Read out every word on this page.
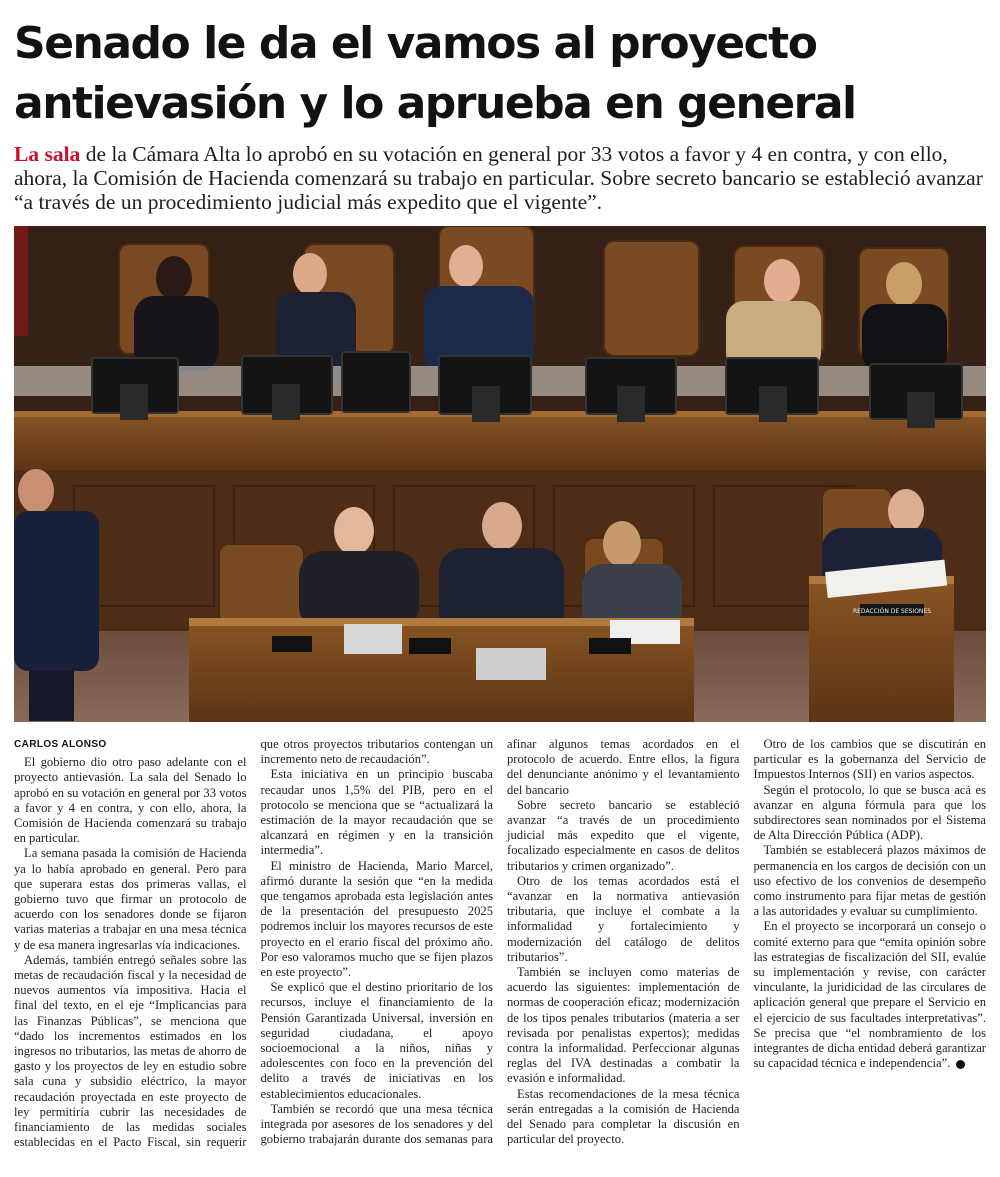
Senado le da el vamos al proyecto
antievasión y lo aprueba en general
La sala de la Cámara Alta lo aprobó en su votación en general por 33 votos a favor y 4 en contra, y con ello, ahora, la Comisión de Hacienda comenzará su trabajo en particular. Sobre secreto bancario se estableció avanzar “a través de un procedimiento judicial más expedito que el vigente”.
REDACCIÓN DE SESIONES
CARLOS ALONSO

El gobierno dio otro paso adelante con el proyecto antievasión. La sala del Senado lo aprobó en su votación en general por 33 votos a favor y 4 en contra, y con ello, ahora, la Comisión de Hacienda comenzará su trabajo en particular.

La semana pasada la comisión de Hacienda ya lo había aprobado en general. Pero para que superara estas dos primeras vallas, el gobierno tuvo que firmar un protocolo de acuerdo con los senadores donde se fijaron varias materias a trabajar en una mesa técnica y de esa manera ingresarlas vía indicaciones.

Además, también entregó señales sobre las metas de recaudación fiscal y la necesidad de nuevos aumentos vía impositiva. Hacia el final del texto, en el eje “Implicancias para las Finanzas Públicas”, se menciona que “dado los incrementos estimados en los ingresos no tributarios, las metas de ahorro de gasto y los proyectos de ley en estudio sobre sala cuna y subsidio eléctrico, la mayor recaudación proyectada en este proyecto de ley permitiría cubrir las necesidades de financiamiento de las medidas sociales establecidas en el Pacto Fiscal, sin requerir que otros proyectos tributarios contengan un incremento neto de recaudación”.

Esta iniciativa en un principio buscaba recaudar unos 1,5% del PIB, pero en el protocolo se menciona que se “actualizará la estimación de la mayor recaudación que se alcanzará en régimen y en la transición intermedia”.

El ministro de Hacienda, Mario Marcel, afirmó durante la sesión que “en la medida que tengamos aprobada esta legislación antes de la presentación del presupuesto 2025 podremos incluir los mayores recursos de este proyecto en el erario fiscal del próximo año. Por eso valoramos mucho que se fijen plazos en este proyecto”.

Se explicó que el destino prioritario de los recursos, incluye el financiamiento de la Pensión Garantizada Universal, inversión en seguridad ciudadana, el apoyo socioemocional a la niños, niñas y adolescentes con foco en la prevención del delito a través de iniciativas en los establecimientos educacionales.

También se recordó que una mesa técnica integrada por asesores de los senadores y del gobierno trabajarán durante dos semanas para afinar algunos temas acordados en el protocolo de acuerdo. Entre ellos, la figura del denunciante anónimo y el levantamiento del bancario

Sobre secreto bancario se estableció avanzar “a través de un procedimiento judicial más expedito que el vigente, focalizado especialmente en casos de delitos tributarios y crimen organizado”.

Otro de los temas acordados está el “avanzar en la normativa antievasión tributaria, que incluye el combate a la informalidad y fortalecimiento y modernización del catálogo de delitos tributarios”.

También se incluyen como materias de acuerdo las siguientes: implementación de normas de cooperación eficaz; modernización de los tipos penales tributarios (materia a ser revisada por penalistas expertos); medidas contra la informalidad. Perfeccionar algunas reglas del IVA destinadas a combatir la evasión e informalidad.

Estas recomendaciones de la mesa técnica serán entregadas a la comisión de Hacienda del Senado para completar la discusión en particular del proyecto.

Otro de los cambios que se discutirán en particular es la gobernanza del Servicio de Impuestos Internos (SII) en varios aspectos.

Según el protocolo, lo que se busca acá es avanzar en alguna fórmula para que los subdirectores sean nominados por el Sistema de Alta Dirección Pública (ADP).

También se establecerá plazos máximos de permanencia en los cargos de decisión con un uso efectivo de los convenios de desempeño como instrumento para fijar metas de gestión a las autoridades y evaluar su cumplimiento.

En el proyecto se incorporará un consejo o comité externo para que “emita opinión sobre las estrategias de fiscalización del SII, evalúe su implementación y revise, con carácter vinculante, la juridicidad de las circulares de aplicación general que prepare el Servicio en el ejercicio de sus facultades interpretativas”. Se precisa que “el nombramiento de los integrantes de dicha entidad deberá garantizar su capacidad técnica e independencia”.
